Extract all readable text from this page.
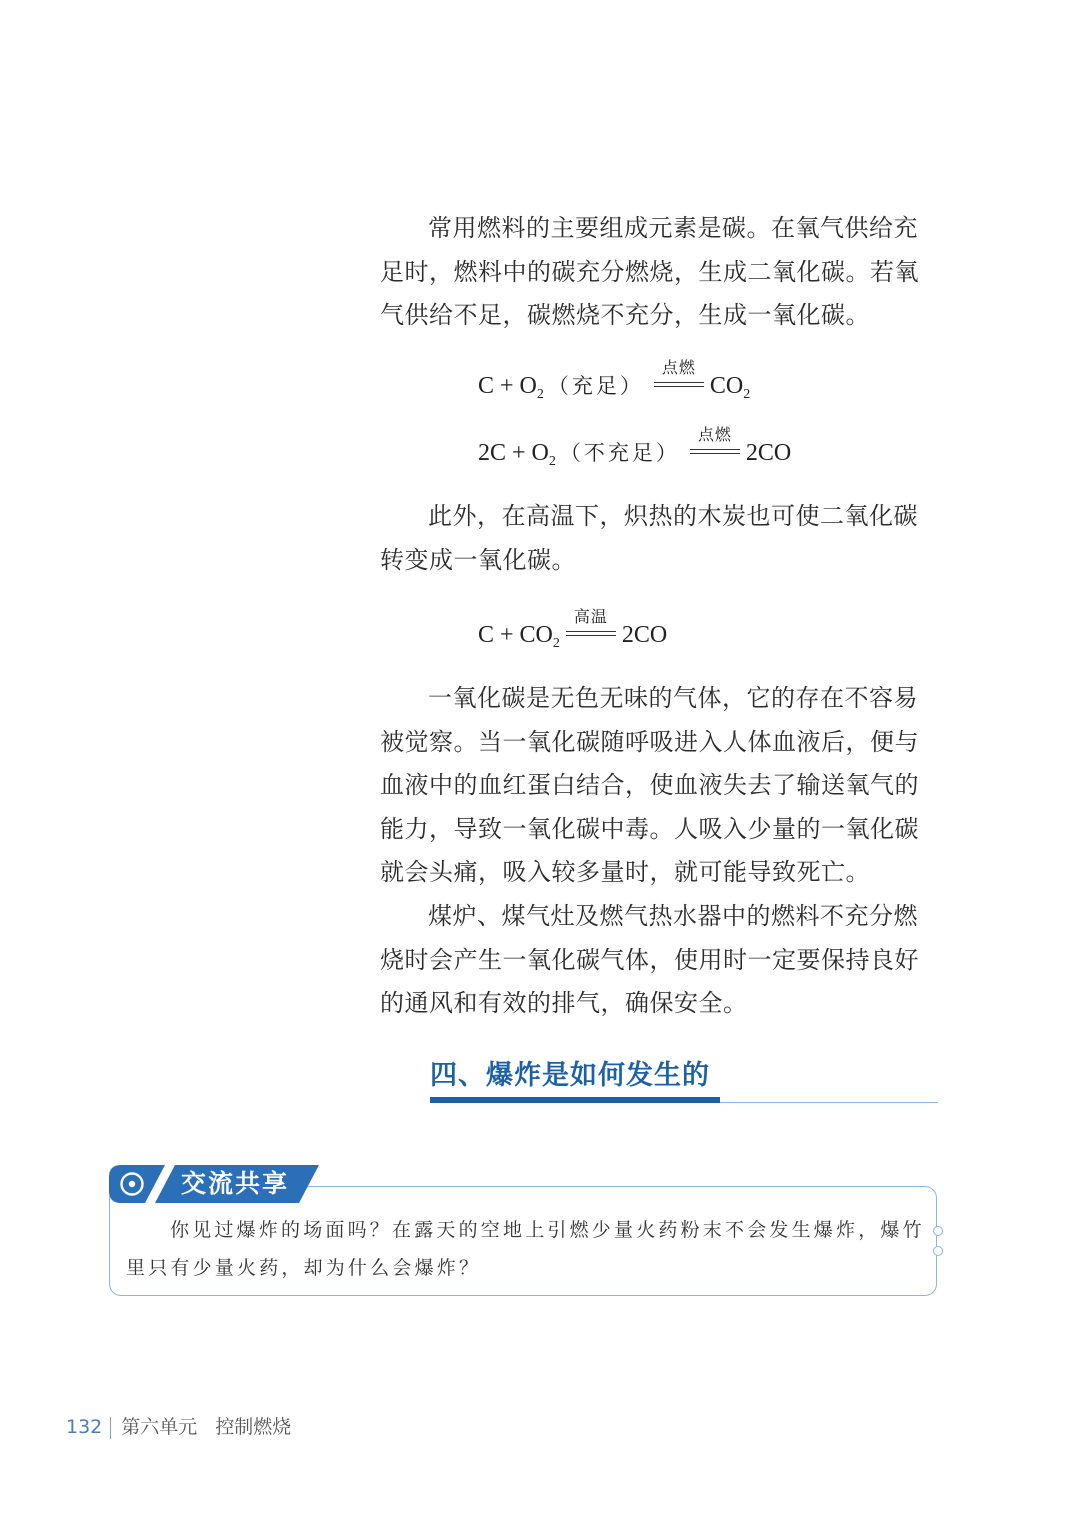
常用燃料的主要组成元素是碳。在氧气供给充足时，燃料中的碳充分燃烧，生成二氧化碳。若氧气供给不足，碳燃烧不充分，生成一氧化碳。

$C + O_2$ （充足）
点燃
$CO_2$
$2C + O_2$ （不充足）
点燃
2CO

此外，在高温下，炽热的木炭也可使二氧化碳转变成一氧化碳。

$C + CO_2$
高温
2CO

一氧化碳是无色无味的气体，它的存在不容易被觉察。当一氧化碳随呼吸进入人体血液后，便与血液中的血红蛋白结合，使血液失去了输送氧气的能力，导致一氧化碳中毒。人吸入少量的一氧化碳就会头痛，吸入较多量时，就可能导致死亡。

煤炉、煤气灶及燃气热水器中的燃料不充分燃烧时会产生一氧化碳气体，使用时一定要保持良好的通风和有效的排气，确保安全。

四、爆炸是如何发生的
交流共享

你见过爆炸的场面吗？在露天的空地上引燃少量火药粉末不会发生爆炸，爆竹里只有少量火药，却为什么会爆炸？

132 第六单元 控制燃烧
